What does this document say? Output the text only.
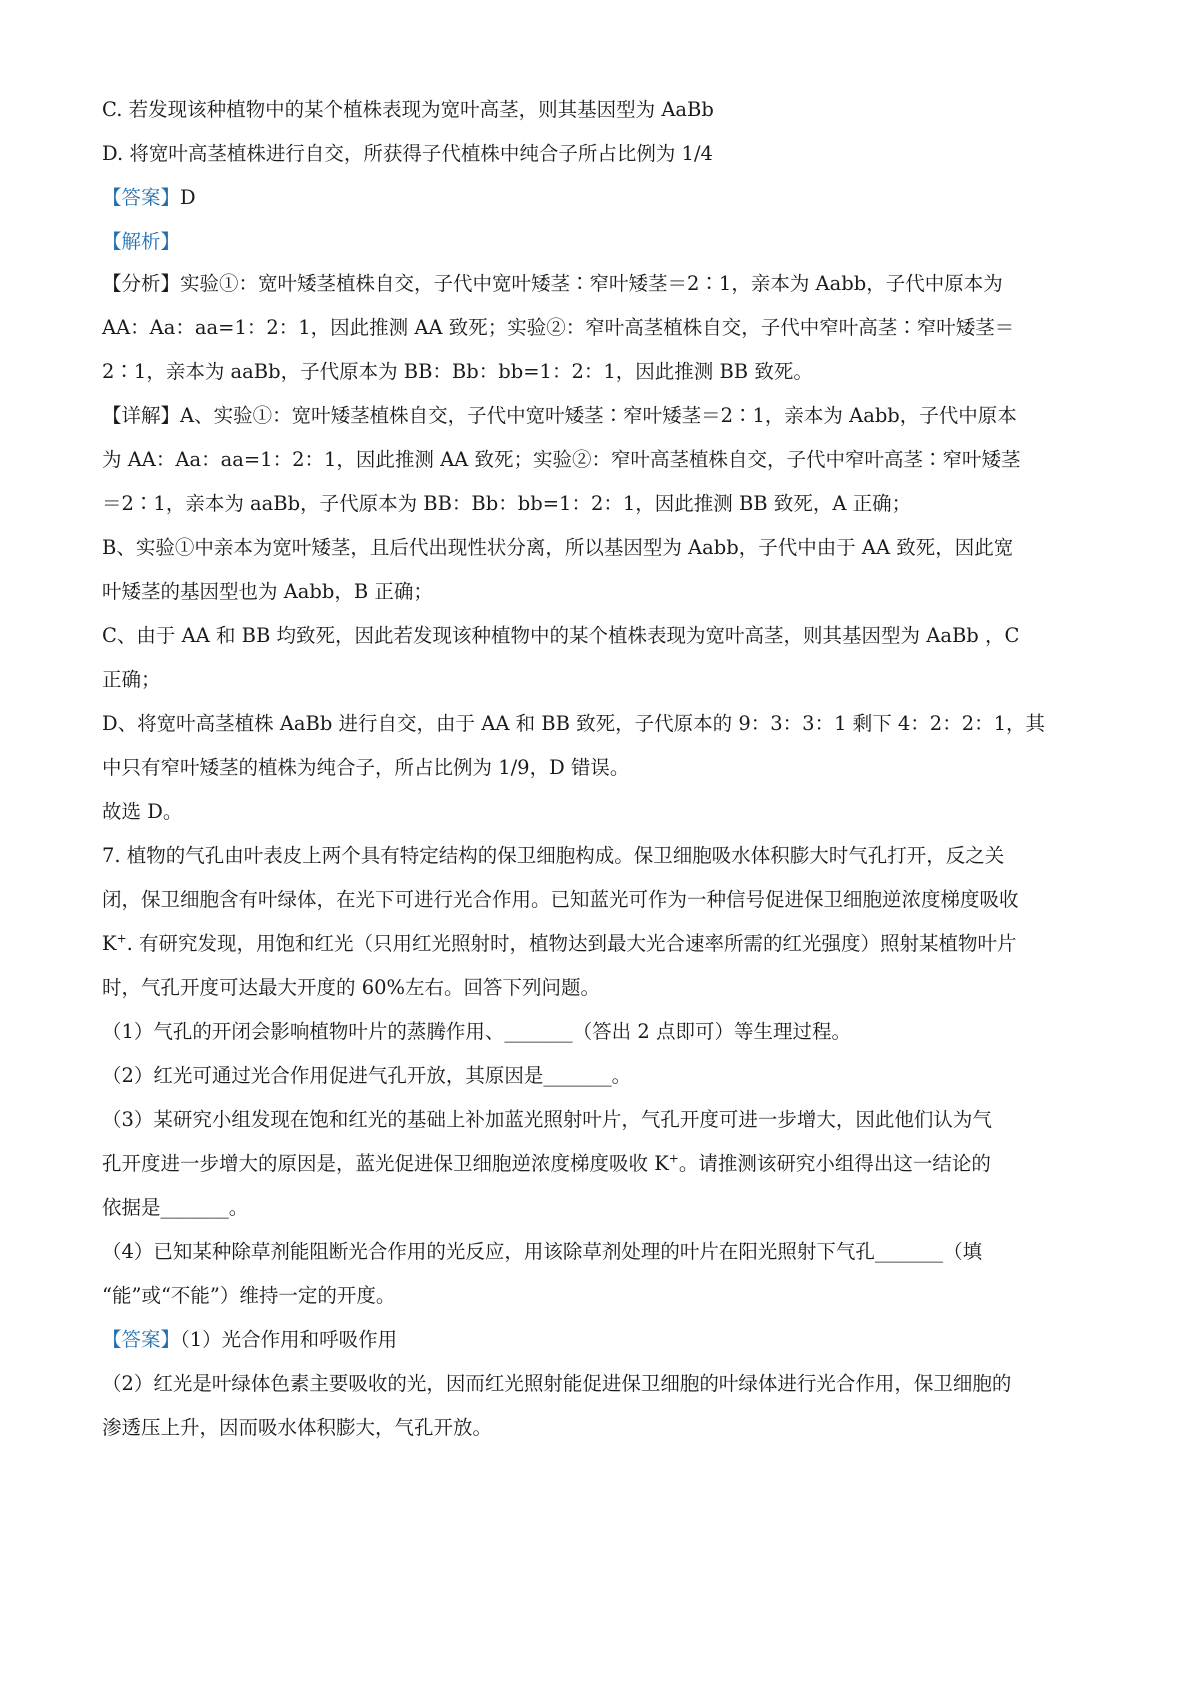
C. 若发现该种植物中的某个植株表现为宽叶高茎，则其基因型为 AaBb
D. 将宽叶高茎植株进行自交，所获得子代植株中纯合子所占比例为 1/4
【答案】D
【解析】
【分析】实验①：宽叶矮茎植株自交，子代中宽叶矮茎∶窄叶矮茎＝2∶1，亲本为 Aabb，子代中原本为
AA：Aa：aa=1：2：1，因此推测 AA 致死；实验②：窄叶高茎植株自交，子代中窄叶高茎∶窄叶矮茎＝
2∶1，亲本为 aaBb，子代原本为 BB：Bb：bb=1：2：1，因此推测 BB 致死。
【详解】A、实验①：宽叶矮茎植株自交，子代中宽叶矮茎∶窄叶矮茎＝2∶1，亲本为 Aabb，子代中原本
为 AA：Aa：aa=1：2：1，因此推测 AA 致死；实验②：窄叶高茎植株自交，子代中窄叶高茎∶窄叶矮茎
＝2∶1，亲本为 aaBb，子代原本为 BB：Bb：bb=1：2：1，因此推测 BB 致死，A 正确；
B、实验①中亲本为宽叶矮茎，且后代出现性状分离，所以基因型为 Aabb，子代中由于 AA 致死，因此宽
叶矮茎的基因型也为 Aabb，B 正确；
C、由于 AA 和 BB 均致死，因此若发现该种植物中的某个植株表现为宽叶高茎，则其基因型为 AaBb ，C
正确；
D、将宽叶高茎植株 AaBb 进行自交，由于 AA 和 BB 致死，子代原本的 9：3：3：1 剩下 4：2：2：1，其
中只有窄叶矮茎的植株为纯合子，所占比例为 1/9，D 错误。
故选 D。
7. 植物的气孔由叶表皮上两个具有特定结构的保卫细胞构成。保卫细胞吸水体积膨大时气孔打开，反之关
闭，保卫细胞含有叶绿体，在光下可进行光合作用。已知蓝光可作为一种信号促进保卫细胞逆浓度梯度吸收
K+. 有研究发现，用饱和红光（只用红光照射时，植物达到最大光合速率所需的红光强度）照射某植物叶片
时，气孔开度可达最大开度的 60%左右。回答下列问题。
（1）气孔的开闭会影响植物叶片的蒸腾作用、_______（答出 2 点即可）等生理过程。
（2）红光可通过光合作用促进气孔开放，其原因是_______。
（3）某研究小组发现在饱和红光的基础上补加蓝光照射叶片，气孔开度可进一步增大，因此他们认为气
孔开度进一步增大的原因是，蓝光促进保卫细胞逆浓度梯度吸收 K+。请推测该研究小组得出这一结论的
依据是_______。
（4）已知某种除草剂能阻断光合作用的光反应，用该除草剂处理的叶片在阳光照射下气孔_______（填
“能”或“不能”）维持一定的开度。
【答案】（1）光合作用和呼吸作用
（2）红光是叶绿体色素主要吸收的光，因而红光照射能促进保卫细胞的叶绿体进行光合作用，保卫细胞的
渗透压上升，因而吸水体积膨大，气孔开放。
